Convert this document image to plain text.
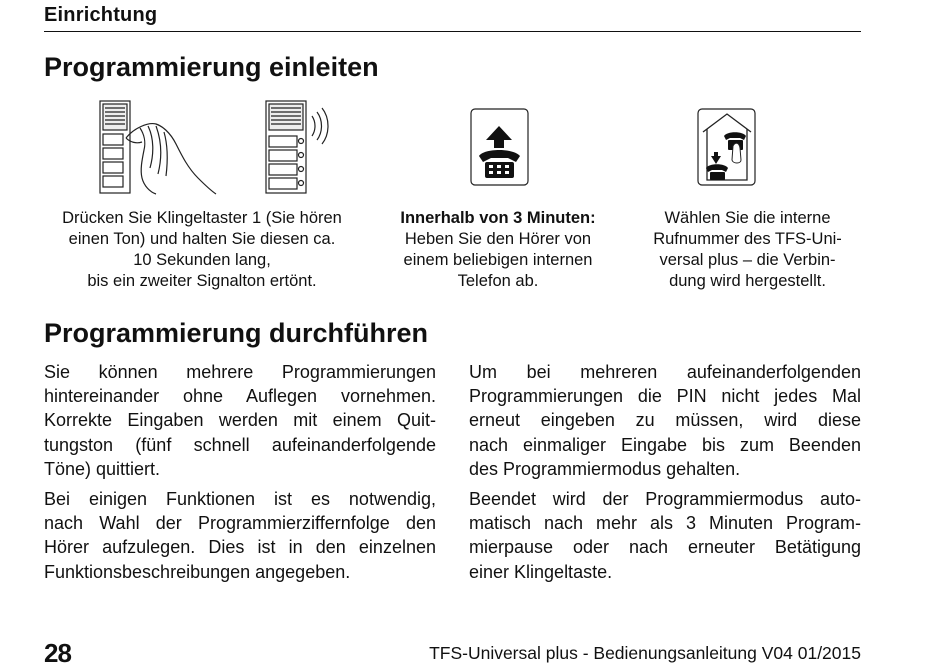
Einrichtung
Programmierung einleiten
Drücken Sie Klingeltaster 1 (Sie hören
einen Ton) und halten Sie diesen ca.
10 Sekunden lang,
bis ein zweiter Signalton ertönt.
Innerhalb von 3 Minuten:
Heben Sie den Hörer von
einem beliebigen internen
Telefon ab.
Wählen Sie die interne
Rufnummer des TFS-Uni-
versal plus – die Verbin-
dung wird hergestellt.
Programmierung durchführen

Sie können mehrere Programmierungen
hintereinander ohne Auflegen vornehmen.
Korrekte Eingaben werden mit einem Quit-
tungston (fünf schnell aufeinanderfolgende
Töne) quittiert.

Bei einigen Funktionen ist es notwendig,
nach Wahl der Programmierziffernfolge den
Hörer aufzulegen. Dies ist in den einzelnen
Funktionsbeschreibungen angegeben.

Um bei mehreren aufeinanderfolgenden
Programmierungen die PIN nicht jedes Mal
erneut eingeben zu müssen, wird diese
nach einmaliger Eingabe bis zum Beenden
des Programmiermodus gehalten.

Beendet wird der Programmiermodus auto-
matisch nach mehr als 3 Minuten Program-
mierpause oder nach erneuter Betätigung
einer Klingeltaste.

28	TFS-Universal plus - Bedienungsanleitung V04 01/2015
